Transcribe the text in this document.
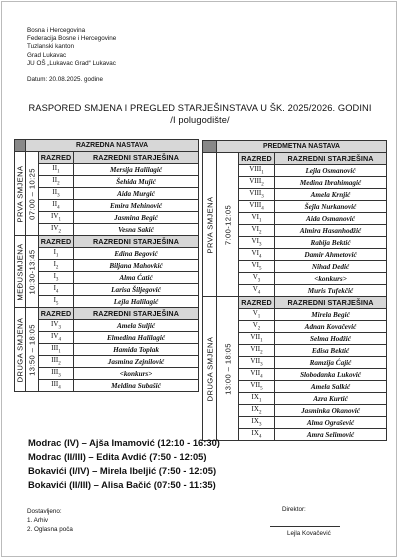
Bosna i Hercegovina
Federacija Bosne i Hercegovine
Tuzlanski kanton
Grad Lukavac
JU OŠ „Lukavac Grad“ Lukavac
Datum: 20.08.2025. godine
RASPORED SMJENA I PREGLED STARJEŠINSTAVA U ŠK. 2025/2026. GODINI
/I polugodište/
	RAZREDNA NASTAVA		

PRVA SMJENA	07:00 – 10:25	RAZRED	RAZREDNI STARJEŠINA
		$II_1$	Mersija Halilagić
		$II_2$	Šehida Mujić
		$II_3$	Aida Murgić
		$II_4$	Emira Mehinović
		$IV_1$	Jasmina Begić
		$IV_2$	Vesna Sakić

MEĐUSMJENA	10:30-13:45	RAZRED	RAZREDNI STARJEŠINA
		$I_1$	Edina Begović
		$I_2$	Biljana Mahovkić
		$I_3$	Alma Ćatić
		$I_4$	Larisa Šiljegović
		$I_5$	Lejla Halilagić

DRUGA SMJENA	13:50 – 18:05	RAZRED	RAZREDNI STARJEŠINA
		$IV_3$	Amela Suljić
		$IV_4$	Elmedina Halilagić
		$III_1$	Hamida Toplak
		$III_2$	Jasmina Zejnilović
		$III_3$	<konkurs>
		$III_4$	Meldina Subašić
	PREDMETNA NASTAVA		

PRVA SMJENA	7:00-12:05	RAZRED	RAZREDNI STARJEŠINA
		$VIII_1$	Lejla Osmanović
		$VIII_2$	Medina Ibrahimagić
		$VIII_3$	Amela Krnjić
		$VIII_4$	Šejla Nurkanović
		$VI_1$	Aida Osmanović
		$VI_2$	Almira Hasanhodžić
		$VI_3$	Rabija Bektić
		$VI_4$	Damir Ahmetović
		$VI_5$	Nihad Dedić
		$V_3$	<konkurs>
		$V_4$	Muris Tufekčić

DRUGA SMJENA	13:00 – 18:05	RAZRED	RAZREDNI STARJEŠINA
		$V_1$	Mirela Begić
		$V_2$	Adnan Kovačević
		$VII_1$	Selma Hodžić
		$VII_2$	Edisa Bektić
		$VII_3$	Ramzija Ćajić
		$VII_4$	Slobodanka Luković
		$VII_5$	Amela Salkić
		$IX_1$	Azra Kurtić
		$IX_2$	Jasminka Okanović
		$IX_3$	Alma Ograšević
		$IX_4$	Amra Selimović
Modrac (IV) – Ajša Imamović (12:10 - 16:30)
Modrac (II/III) – Edita Avdić (7:50 - 12:05)
Bokavići (I/IV) – Mirela Ibeljić (7:50 - 12:05)
Bokavići (II/III) – Alisa Bačić (07:50 - 11:35)
Dostavljeno:
1. Arhiv
2. Oglasna poča
Direktor:
Lejla Kovačević
